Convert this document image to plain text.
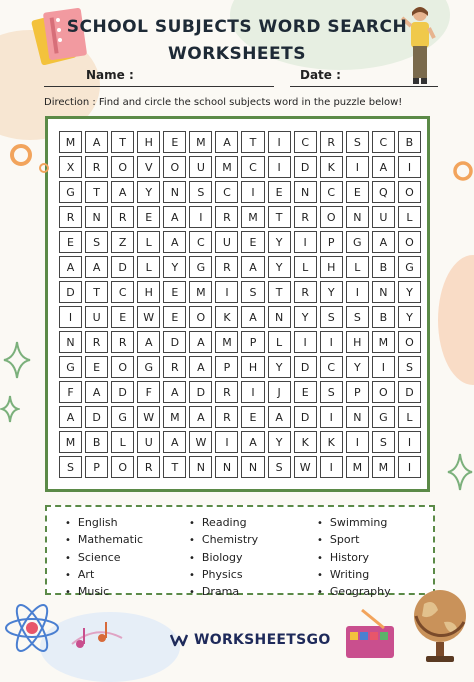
SCHOOL SUBJECTS WORD SEARCH
WORKSHEETS
Name :	Date :
Direction : Find and circle the school subjects word in the puzzle below!
M	A	T	H	E	M	A	T	I	C	R	S	C	B
X	R	O	V	O	U	M	C	I	D	K	I	A	I
G	T	A	Y	N	S	C	I	E	N	C	E	Q	O
R	N	R	E	A	I	R	M	T	R	O	N	U	L
E	S	Z	L	A	C	U	E	Y	I	P	G	A	O
A	A	D	L	Y	G	R	A	Y	L	H	L	B	G
D	T	C	H	E	M	I	S	T	R	Y	I	N	Y
I	U	E	W	E	O	K	A	N	Y	S	S	B	Y
N	R	R	A	D	A	M	P	L	I	I	H	M	O
G	E	O	G	R	A	P	H	Y	D	C	Y	I	S
F	A	D	F	A	D	R	I	J	E	S	P	O	D
A	D	G	W	M	A	R	E	A	D	I	N	G	L
M	B	L	U	A	W	I	A	Y	K	K	I	S	I
S	P	O	R	T	N	N	N	S	W	I	M	M	I
• English
• Mathematic
• Science
• Art
• Music
• Reading
• Chemistry
• Biology
• Physics
• Drama
• Swimming
• Sport
• History
• Writing
• Geography
WORKSHEETSGO
